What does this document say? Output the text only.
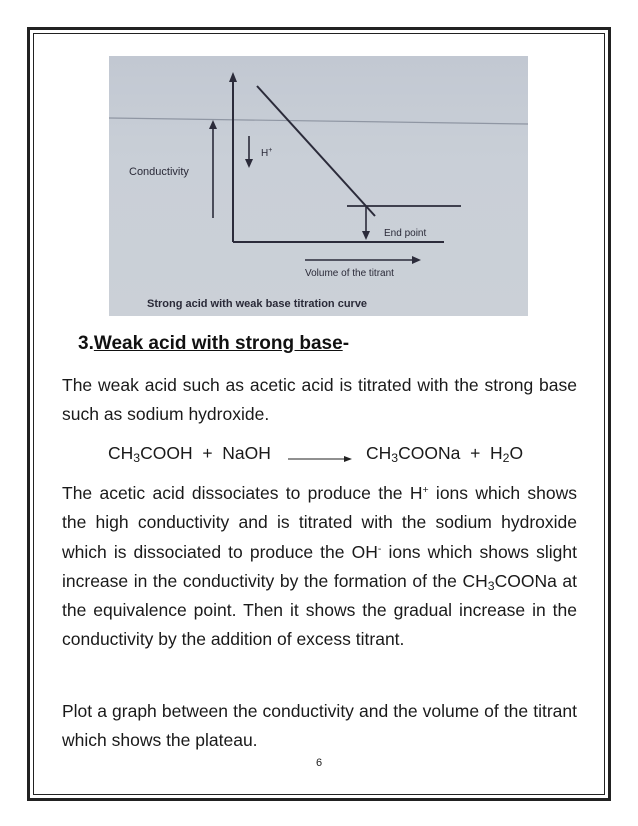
Conductivity
H+
End point
Volume of the titrant
Strong acid with weak base titration curve
3.Weak acid with strong base-

The weak acid such as acetic acid is titrated with the strong base such as sodium hydroxide.

$CH_3COOH$  +  NaOH → $CH_3COONa + H_2O$

The acetic acid dissociates to produce the H+ ions which shows the high conductivity and is titrated with the sodium hydroxide which is dissociated to produce the OH- ions which shows slight increase in the conductivity by the formation of the $CH_3COONa$ at the equivalence point. Then it shows the gradual increase in the conductivity by the addition of excess titrant.

Plot a graph between the conductivity and the volume of the titrant which shows the plateau.

6
